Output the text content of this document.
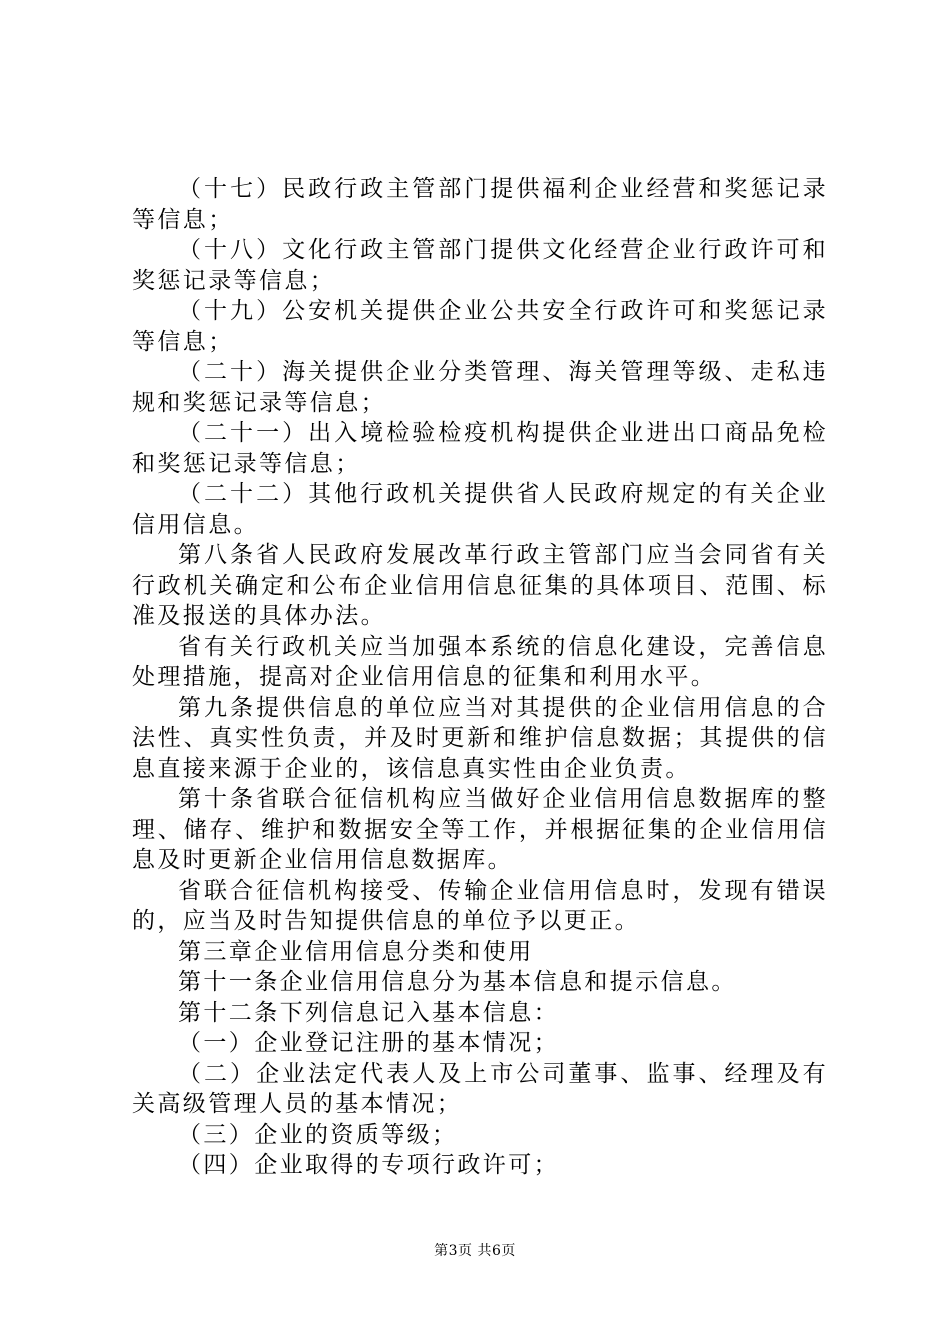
（十七）民政行政主管部门提供福利企业经营和奖惩记录等信息；

（十八）文化行政主管部门提供文化经营企业行政许可和奖惩记录等信息；

（十九）公安机关提供企业公共安全行政许可和奖惩记录等信息；

（二十）海关提供企业分类管理、海关管理等级、走私违规和奖惩记录等信息；

（二十一）出入境检验检疫机构提供企业进出口商品免检和奖惩记录等信息；

（二十二）其他行政机关提供省人民政府规定的有关企业信用信息。

第八条省人民政府发展改革行政主管部门应当会同省有关行政机关确定和公布企业信用信息征集的具体项目、范围、标准及报送的具体办法。

省有关行政机关应当加强本系统的信息化建设，完善信息处理措施，提高对企业信用信息的征集和利用水平。

第九条提供信息的单位应当对其提供的企业信用信息的合法性、真实性负责，并及时更新和维护信息数据；其提供的信息直接来源于企业的，该信息真实性由企业负责。

第十条省联合征信机构应当做好企业信用信息数据库的整理、储存、维护和数据安全等工作，并根据征集的企业信用信息及时更新企业信用信息数据库。

省联合征信机构接受、传输企业信用信息时，发现有错误的，应当及时告知提供信息的单位予以更正。

第三章企业信用信息分类和使用

第十一条企业信用信息分为基本信息和提示信息。

第十二条下列信息记入基本信息：

（一）企业登记注册的基本情况；

（二）企业法定代表人及上市公司董事、监事、经理及有关高级管理人员的基本情况；

（三）企业的资质等级；

（四）企业取得的专项行政许可；

第3页 共6页
